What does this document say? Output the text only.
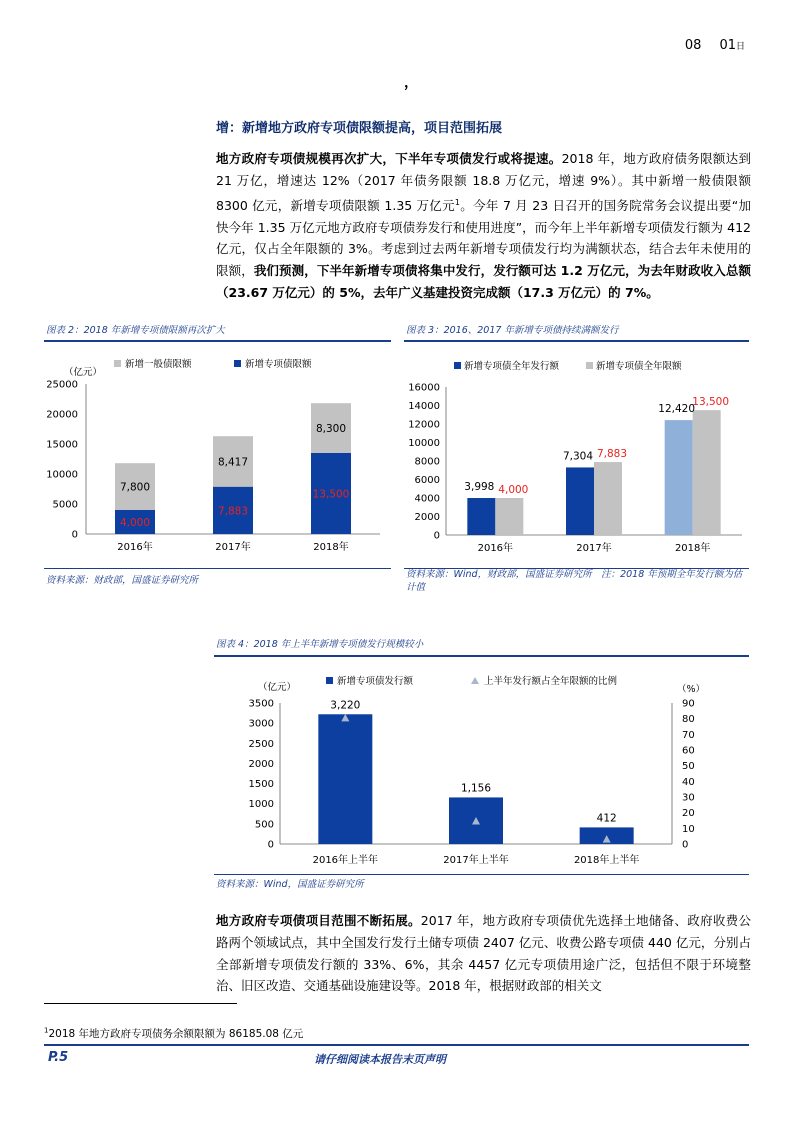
08 01日
，
增：新增地方政府专项债限额提高，项目范围拓展
地方政府专项债规模再次扩大，下半年专项债发行或将提速。2018 年，地方政府债务限额达到 21 万亿，增速达 12%（2017 年债务限额 18.8 万亿元，增速 9%）。其中新增一般债限额 8300 亿元，新增专项债限额 1.35 万亿元$^1$。今年 7 月 23 日召开的国务院常务会议提出要“加快今年 1.35 万亿元地方政府专项债券发行和使用进度”，而今年上半年新增专项债发行额为 412 亿元，仅占全年限额的 3%。考虑到过去两年新增专项债发行均为满额状态，结合去年未使用的限额，我们预测，下半年新增专项债将集中发行，发行额可达 1.2 万亿元，为去年财政收入总额（23.67 万亿元）的 5%，去年广义基建投资完成额（17.3 万亿元）的 7%。
图表 2：2018 年新增专项债限额再次扩大
（亿元）
0
5000
10000
15000
20000
25000
4,000
7,800
2016年
7,883
8,417
2017年
13,500
8,300
2018年
新增一般债限额	新增专项债限额
资料来源：财政部，国盛证券研究所
图表 3：2016、2017 年新增专项债持续满额发行
0
2000
4000
6000
8000
10000
12000
14000
16000
3,998 4,000
2016年
7,304 7,883
2017年
12,420
13,500
2018年
新增专项债全年发行额	新增专项债全年限额
资料来源：Wind，财政部，国盛证券研究所　注：2018 年预期全年发行额为估计值
图表 4：2018 年上半年新增专项债发行规模较小
（亿元）	（%）
0
500
1000
1500
2000
2500
3000
3500
0
10
20
30
40
50
60
70
80
90
3,220
2016年上半年
1,156
2017年上半年
412
2018年上半年
新增专项债发行额	上半年发行额占全年限额的比例
资料来源：Wind，国盛证券研究所
地方政府专项债项目范围不断拓展。2017 年，地方政府专项债优先选择土地储备、政府收费公路两个领域试点，其中全国发行发行土储专项债 2407 亿元、收费公路专项债 440 亿元，分别占全部新增专项债发行额的 33%、6%，其余 4457 亿元专项债用途广泛，包括但不限于环境整治、旧区改造、交通基础设施建设等。2018 年，根据财政部的相关文
$^1$2018 年地方政府专项债务余额限额为 86185.08 亿元
P.5	请仔细阅读本报告末页声明
